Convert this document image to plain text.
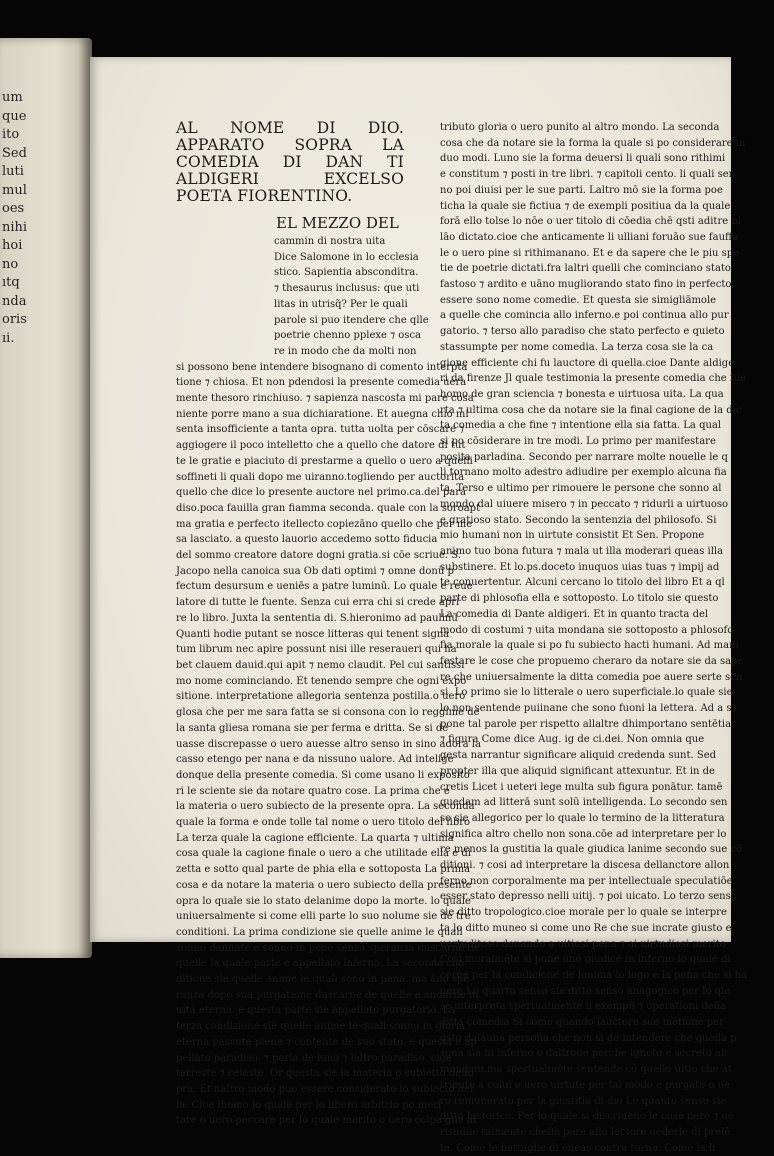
um
que
ito
Sed
luti
mul
oes
nihi
hoi
no
ıtq
nda
oris
ıi.
AL NOME DI DIO. APPARATO SOPRA LA COMEDIA DI DAN TI ALDIGERI EXCELSO POETA FIORENTINO.
EL MEZZO DEL

cammin di nostra uita

Dice Salomone in lo ecclesia

stico. Sapientia absconditra.

⁊ thesaurus inclusus: que uti

litas in utrisq̃? Per le quali

parole si puo itendere che qlle

poetrie chenno pplexe ⁊ osca

re in modo che da molti non

si possono bene intendere bisognano di comento interpta

tione ⁊ chiosa. Et non pdendosi la presente comedia uera

mente thesoro rinchiuso. ⁊ sapienza nascosta mi pare cosa

niente porre mano a sua dichiaratione. Et auegna chio mi

senta insofficiente a tanta opra. tutta uolta per cōscare ⁊

aggiogere il poco intelletto che a quello che datore di tut

te le gratie e piaciuto di prestarme a quello o uero a quelli

soffineti li quali dopo me uiranno.togliendo per auctorita

quello che dice lo presente auctore nel primo.ca.del para

diso.poca fauilla gran fiamma seconda. quale con la soroapt

ma gratia e perfecto itellecto copiezāno quello che per me

sa lasciato. a questo lauorio accedemo sotto fiducia

del sommo creatore datore dogni gratia.si cōe scriue. S.

Jacopo nella canoica sua Ob dati optimi ⁊ omne donū p

fectum desursum e ueniēs a patre luminū. Lo quale e reue

latore di tutte le fuente. Senza cui erra chi si crede apri

re lo libro. Juxta la sententia di. S.hieronimo ad paulinū

Quanti hodie putant se nosce litteras qui tenent signa

tum librum nec apire possunt nisi ille reseraueri qui ha

bet clauem dauid.qui apit ⁊ nemo claudit. Pel cui santissi

mo nome cominciando. Et tenendo sempre che ogni expo

sitione. interpretatione allegoria sentenza postilla.o uero

glosa che per me sara fatta se si consona con lo reggime de

la santa gliesa romana sie per ferma e dritta. Se si de

uasse discrepasse o uero auesse altro senso in sino adora la

casso etengo per nana e da nissuno ualore. Ad intelige

donque della presente comedia. Si come usano li exposito

ri le sciente sie da notare quatro cose. La prima che e

la materia o uero subiecto de la presente opra. La seconda

quale la forma e onde tolle tal nome o uero titolo del libro

La terza quale la cagione efficiente. La quarta ⁊ ultima

cosa quale la cagione finale o uero a che utilitade ella e di

zetta e sotto qual parte de phia ella e sottoposta La prima

cosa e da notare la materia o uero subiecto della presente

opra lo quale sie lo stato delanime dopo la morte. lo quale

uniuersalmente si come elli parte lo suo nolume sie de tre

conditioni. La prima condizione sie quelle anime le quali

sonno dannate e sonno in pene senza speranza duscarne de

quelle la quale parte e appellato inferno. La seconda con

ditione sie quelle anime le quali sono in pena. ma āno spe

ranza dopo sua purgatione duscarne de quelle e andarne in

uita eterna. e questa parte sie appellato purgatorio. La

terza condizione sie quelle anime le quali sonno in gloria

eterna pascute piene ⁊ contente de suo stato. e questa e ap

pellato paradiso. ⁊ parla de luno ⁊ laltro paradiso. cioe

terreste ⁊ celeste. Or questa sie la materia o subietto dello

pra. Et naltro modo puo essere considerato lo subiecto del

la. Cioe lhomo lo quale per lo libero arbitrio po meri

tare o uero peccare per lo quale merito o uero colpa glie at

tributo gloria o uero punito al altro mondo. La seconda

cosa che da notare sie la forma la quale si po considerare in

duo modi. Luno sie la forma deuersi li quali sono rithimi

e constitum ⁊ posti in tre libri. ⁊ capitoli cento. li quali sen

no poi diuisi per le sue parti. Laltro mō sie la forma poe

ticha la quale sie fictiua ⁊ de exempli positiua da la quale

forā ello tolse lo nōe o uer titolo di cōedia chē qsti aditre nl

lāo dictato.cioe che anticamente li ulliani foruāo sue fauffo

le o uero pine si rithimanano. Et e da sapere che le piu spe

tie de poetrie dictati.fra laltri quelli che cominciano stato

fastoso ⁊ ardito e uāno mugliorando stato fino in perfecto

essere sono nome comedie. Et questa sie simigliāmole

a quelle che comincia allo inferno.e poi continua allo pur

gatorio. ⁊ terso allo paradiso che stato perfecto e quieto

stassumpte per nome comedia. La terza cosa sie la ca

gione efficiente chi fu lauctore di quella.cioe Dante aldige

ri da firenze Jl quale testimonia la presente comedia che fue

homo de gran sciencia ⁊ bonesta e uirtuosa uita. La qua

rta ⁊ ultima cosa che da notare sie la final cagione de la dic

ta comedia a che fine ⁊ intentione ella sia fatta. La qual

si po cōsiderare in tre modi. Lo primo per manifestare

posita parladina. Secondo per narrare molte nouelle le q

li tornano molto adestro adiudire per exemplo alcuna fia

ta. Terso e ultimo per rimouere le persone che sonno al

mondo dal uiuere misero ⁊ in peccato ⁊ ridurli a uirtuoso

e gratioso stato. Secondo la sentenzia del philosofo. Si

mio humani non in uirtute consistit Et Sen. Propone

animo tuo bona futura ⁊ mala ut illa moderari queas illa

substinere. Et lo.ps.doceto inuquos uias tuas ⁊ impij ad

te conuertentur. Alcuni cercano lo titolo del libro Et a ql

parte di phlosofia ella e sottoposto. Lo titolo sie questo

La comedia di Dante aldigeri. Et in quanto tracta del

modo di costumi ⁊ uita mondana sie sottoposto a phlosofo

fia morale la quale si po fu subiecto hacti humani. Ad mani

festare le cose che propuemo cheraro da notare sie da sape

re che uniuersalmente la ditta comedia poe auere serte sen

si. Lo primo sie lo litterale o uero superficiale.lo quale sie

lo non sentende puiinane che sono fuoni la lettera. Ad a si

pone tal parole per rispetto allaltre dhimportano sentētia

⁊ figura Come dice Aug. ig de ci.dei. Non omnia que

gesta narrantur significare aliquid credenda sunt. Sed

propter illa que aliquid significant attexuntur. Et in de

cretis Licet i ueteri lege multa sub figura ponātur. tamē

quedam ad litterā sunt solū intelligenda. Lo secondo sen

so sie allegorico per lo quale lo termino de la litteratura

significa altro chello non sona.cōe ad interpretare per lo

re menos la gustitia la quale giudica lanime secondo sue cō

ditioni. ⁊ cosi ad interpretare la discesa dellanctore allon

ferno.non corporalmente ma per intellectuale speculatiōe

esser stato depresso nelli uitij. ⁊ poi uicato. Lo terzo senso

sie ditto tropologico.cioe morale per lo quale se interpre

ta lo ditto muneo si come uno Re che sue incrate giusto e

uertuditoso donando a uitiosi pena ⁊ ai uirtudiosi merito

Cosi moralmēte si pone uno giudice in inferno lo quale di

cerne per la condicione de lanima lo logo e la pena che si ha

uere Lo quarto senso sie ditto senso anagogico per lo qle

se interpreta spertualmente li exempli ⁊ operationi della

ditta comedia Si come quando lauctore sue mētione per

qsto dalauna persona.che non si de intendere che quella p

sona sia in inferno o daltroue perche ignoto e secreto ali

mondani.ma spertualmēte sentende cō quello uitio che at

tributo a colui o uero uirtute per tal modo e purgato o ue

ro remunerato per la giustitia di dio Lo quanto senso sie

ditto historico. Per lo quale si discriueno le cose nere ⁊ ue

risimile talmente chello pare allo lectore uederle di prelē

te. Come le battaglie di eneas contra turno. Come la li
